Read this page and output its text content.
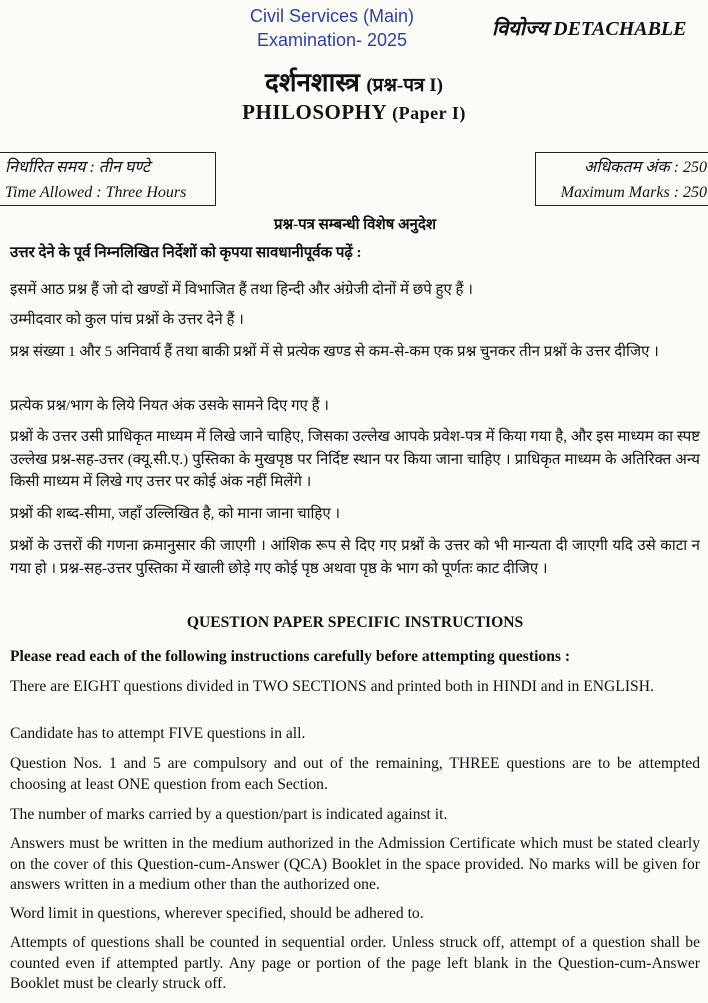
Civil Services (Main)
Examination- 2025	वियोज्य DETACHABLE
दर्शनशास्त्र (प्रश्न-पत्र I)
PHILOSOPHY (Paper I)
निर्धारित समय : तीन घण्टे
Time Allowed : Three Hours
अधिकतम अंक : 250
Maximum Marks : 250

प्रश्न-पत्र सम्बन्धी विशेष अनुदेश

उत्तर देने के पूर्व निम्नलिखित निर्देशों को कृपया सावधानीपूर्वक पढ़ें :

इसमें आठ प्रश्न हैं जो दो खण्डों में विभाजित हैं तथा हिन्दी और अंग्रेजी दोनों में छपे हुए हैं ।

उम्मीदवार को कुल पांच प्रश्नों के उत्तर देने हैं ।

प्रश्न संख्या 1 और 5 अनिवार्य हैं तथा बाकी प्रश्नों में से प्रत्येक खण्ड से कम-से-कम एक प्रश्न चुनकर तीन प्रश्नों के उत्तर दीजिए ।

प्रत्येक प्रश्न/भाग के लिये नियत अंक उसके सामने दिए गए हैं ।

प्रश्नों के उत्तर उसी प्राधिकृत माध्यम में लिखे जाने चाहिए, जिसका उल्लेख आपके प्रवेश-पत्र में किया गया है, और इस माध्यम का स्पष्ट उल्लेख प्रश्न-सह-उत्तर (क्यू.सी.ए.) पुस्तिका के मुखपृष्ठ पर निर्दिष्ट स्थान पर किया जाना चाहिए । प्राधिकृत माध्यम के अतिरिक्त अन्य किसी माध्यम में लिखे गए उत्तर पर कोई अंक नहीं मिलेंगे ।

प्रश्नों की शब्द-सीमा, जहाँ उल्लिखित है, को माना जाना चाहिए ।

प्रश्नों के उत्तरों की गणना क्रमानुसार की जाएगी । आंशिक रूप से दिए गए प्रश्नों के उत्तर को भी मान्यता दी जाएगी यदि उसे काटा न गया हो । प्रश्न-सह-उत्तर पुस्तिका में खाली छोड़े गए कोई पृष्ठ अथवा पृष्ठ के भाग को पूर्णतः काट दीजिए ।

QUESTION PAPER SPECIFIC INSTRUCTIONS

Please read each of the following instructions carefully before attempting questions :

There are EIGHT questions divided in TWO SECTIONS and printed both in HINDI and in ENGLISH.

Candidate has to attempt FIVE questions in all.

Question Nos. 1 and 5 are compulsory and out of the remaining, THREE questions are to be attempted choosing at least ONE question from each Section.

The number of marks carried by a question/part is indicated against it.

Answers must be written in the medium authorized in the Admission Certificate which must be stated clearly on the cover of this Question-cum-Answer (QCA) Booklet in the space provided. No marks will be given for answers written in a medium other than the authorized one.

Word limit in questions, wherever specified, should be adhered to.

Attempts of questions shall be counted in sequential order. Unless struck off, attempt of a question shall be counted even if attempted partly. Any page or portion of the page left blank in the Question-cum-Answer Booklet must be clearly struck off.
